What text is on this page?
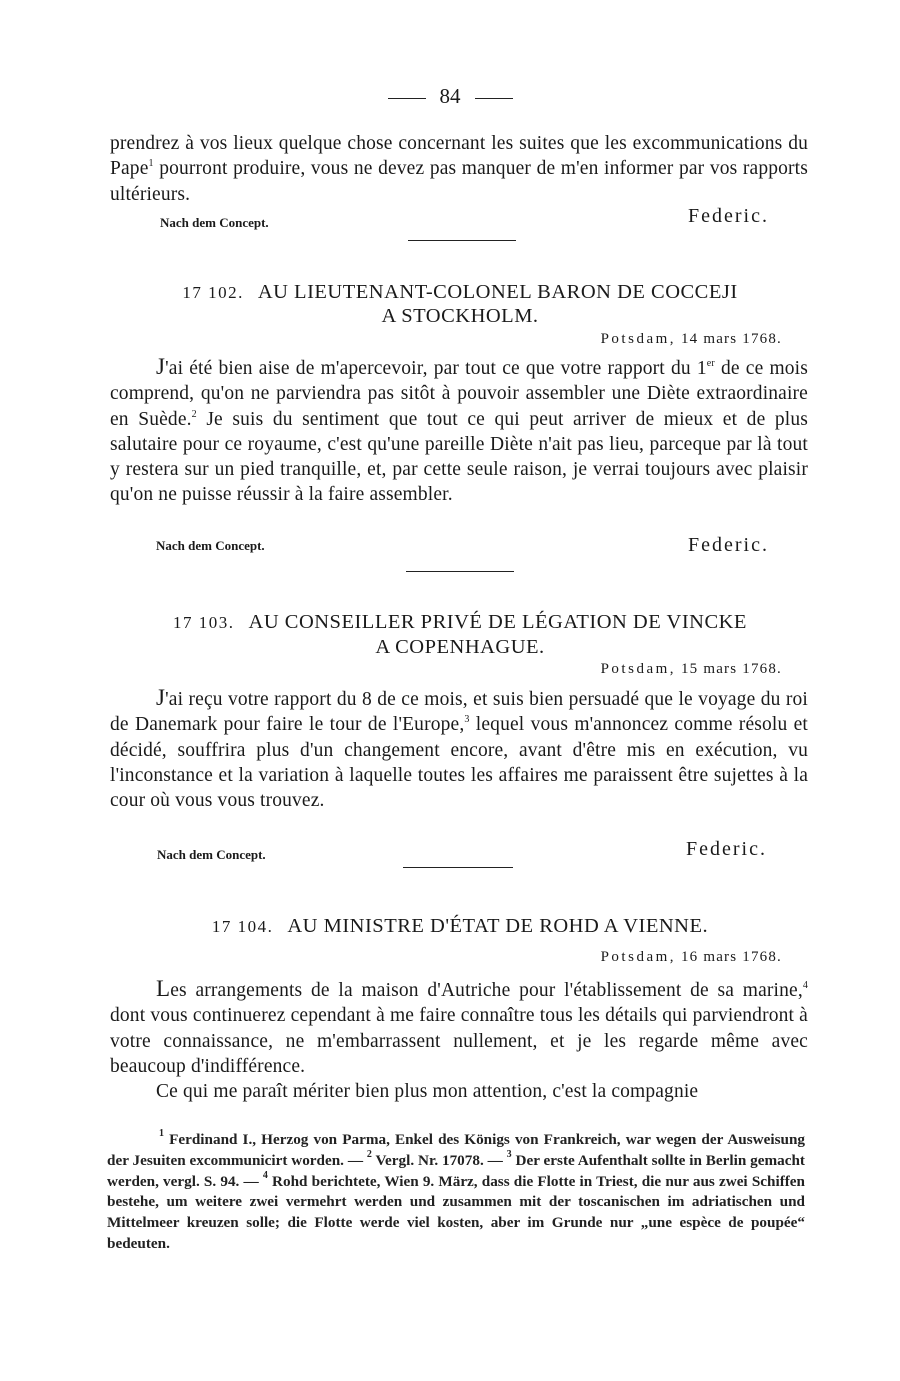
84
prendrez à vos lieux quelque chose concernant les suites que les excommunications du Pape$^1$ pourront produire, vous ne devez pas manquer de m'en informer par vos rapports ultérieurs.
Nach dem Concept.	Federic.
17 102. AU LIEUTENANT-COLONEL BARON DE COCCEJI
A STOCKHOLM.
Potsdam, 14 mars 1768.
J'ai été bien aise de m'apercevoir, par tout ce que votre rapport du 1er de ce mois comprend, qu'on ne parviendra pas sitôt à pouvoir assembler une Diète extraordinaire en Suède.$^2$ Je suis du sentiment que tout ce qui peut arriver de mieux et de plus salutaire pour ce royaume, c'est qu'une pareille Diète n'ait pas lieu, parceque par là tout y restera sur un pied tranquille, et, par cette seule raison, je verrai toujours avec plaisir qu'on ne puisse réussir à la faire assembler.
Nach dem Concept.	Federic.
17 103. AU CONSEILLER PRIVÉ DE LÉGATION DE VINCKE
A COPENHAGUE.
Potsdam, 15 mars 1768.
J'ai reçu votre rapport du 8 de ce mois, et suis bien persuadé que le voyage du roi de Danemark pour faire le tour de l'Europe,$^3$ lequel vous m'annoncez comme résolu et décidé, souffrira plus d'un changement encore, avant d'être mis en exécution, vu l'inconstance et la variation à laquelle toutes les affaires me paraissent être sujettes à la cour où vous vous trouvez.
Nach dem Concept.	Federic.
17 104. AU MINISTRE D'ÉTAT DE ROHD A VIENNE.
Potsdam, 16 mars 1768.
Les arrangements de la maison d'Autriche pour l'établissement de sa marine,$^4$ dont vous continuerez cependant à me faire connaître tous les détails qui parviendront à votre connaissance, ne m'embarrassent nullement, et je les regarde même avec beaucoup d'indifférence.
Ce qui me paraît mériter bien plus mon attention, c'est la compagnie
$^1$ Ferdinand I., Herzog von Parma, Enkel des Königs von Frankreich, war wegen der Ausweisung der Jesuiten excommunicirt worden. — $^2$ Vergl. Nr. 17078. — $^3$ Der erste Aufenthalt sollte in Berlin gemacht werden, vergl. S. 94. — $^4$ Rohd berichtete, Wien 9. März, dass die Flotte in Triest, die nur aus zwei Schiffen bestehe, um weitere zwei vermehrt werden und zusammen mit der toscanischen im adriatischen und Mittelmeer kreuzen solle; die Flotte werde viel kosten, aber im Grunde nur „une espèce de poupée“ bedeuten.
